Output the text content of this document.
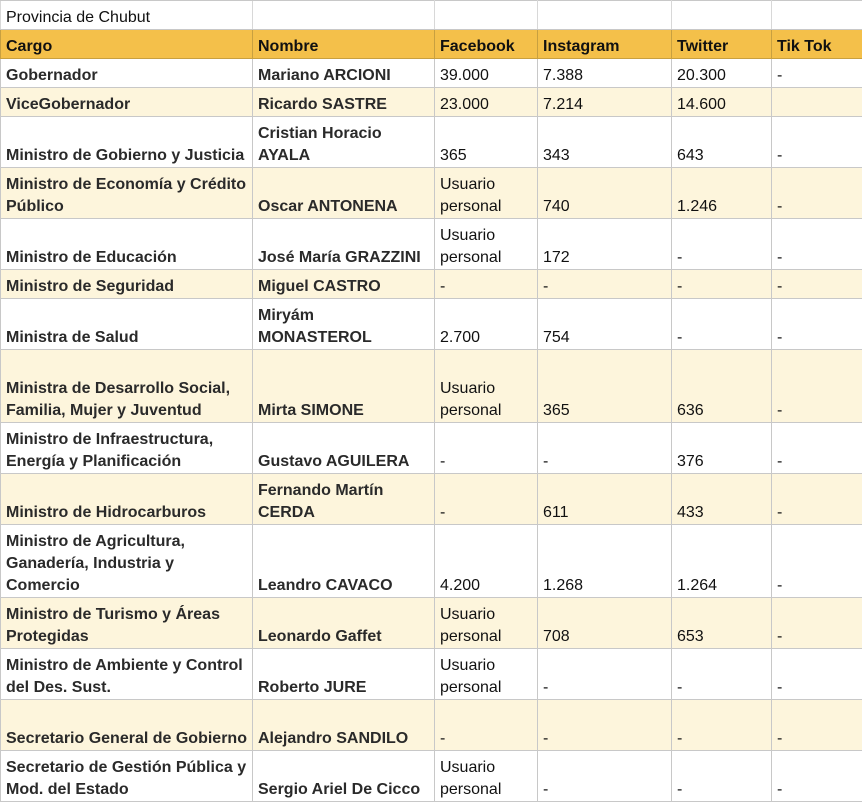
Provincia de Chubut					
Cargo	Nombre	Facebook	Instagram	Twitter	Tik Tok
Gobernador	Mariano ARCIONI	39.000	7.388	20.300	-
ViceGobernador	Ricardo SASTRE	23.000	7.214	14.600	
Ministro de Gobierno y Justicia	Cristian Horacio AYALA	365	343	643	-
Ministro de Economía y Crédito Público	Oscar ANTONENA	Usuario personal	740	1.246	-
Ministro de Educación	José María GRAZZINI	Usuario personal	172	-	-
Ministro de Seguridad	Miguel CASTRO	-	-	-	-
Ministra de Salud	Miryám MONASTEROL	2.700	754	-	-
Ministra de Desarrollo Social, Familia, Mujer y Juventud	Mirta SIMONE	Usuario personal	365	636	-
Ministro de Infraestructura, Energía y Planificación	Gustavo AGUILERA	-	-	376	-
Ministro de Hidrocarburos	Fernando Martín CERDA	-	611	433	-
Ministro de Agricultura, Ganadería, Industria y Comercio	Leandro CAVACO	4.200	1.268	1.264	-
Ministro de Turismo y Áreas Protegidas	Leonardo Gaffet	Usuario personal	708	653	-
Ministro de Ambiente y Control del Des. Sust.	Roberto JURE	Usuario personal	-	-	-
Secretario General de Gobierno	Alejandro SANDILO	-	-	-	-
Secretario de Gestión Pública y Mod. del Estado	Sergio Ariel De Cicco	Usuario personal	-	-	-
